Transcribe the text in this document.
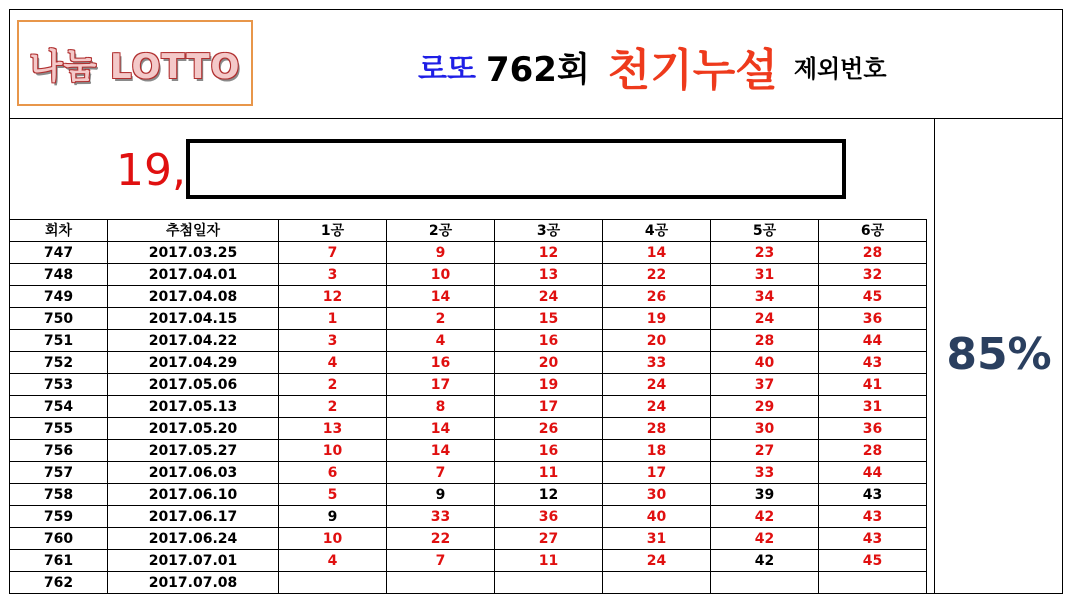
나눔 LOTTO	로또 762회 천기누설 제외번호
19,
85%
회차	추첨일자	1공	2공	3공	4공	5공	6공
747	2017.03.25	7	9	12	14	23	28
748	2017.04.01	3	10	13	22	31	32
749	2017.04.08	12	14	24	26	34	45
750	2017.04.15	1	2	15	19	24	36
751	2017.04.22	3	4	16	20	28	44
752	2017.04.29	4	16	20	33	40	43
753	2017.05.06	2	17	19	24	37	41
754	2017.05.13	2	8	17	24	29	31
755	2017.05.20	13	14	26	28	30	36
756	2017.05.27	10	14	16	18	27	28
757	2017.06.03	6	7	11	17	33	44
758	2017.06.10	5	9	12	30	39	43
759	2017.06.17	9	33	36	40	42	43
760	2017.06.24	10	22	27	31	42	43
761	2017.07.01	4	7	11	24	42	45
762	2017.07.08						
